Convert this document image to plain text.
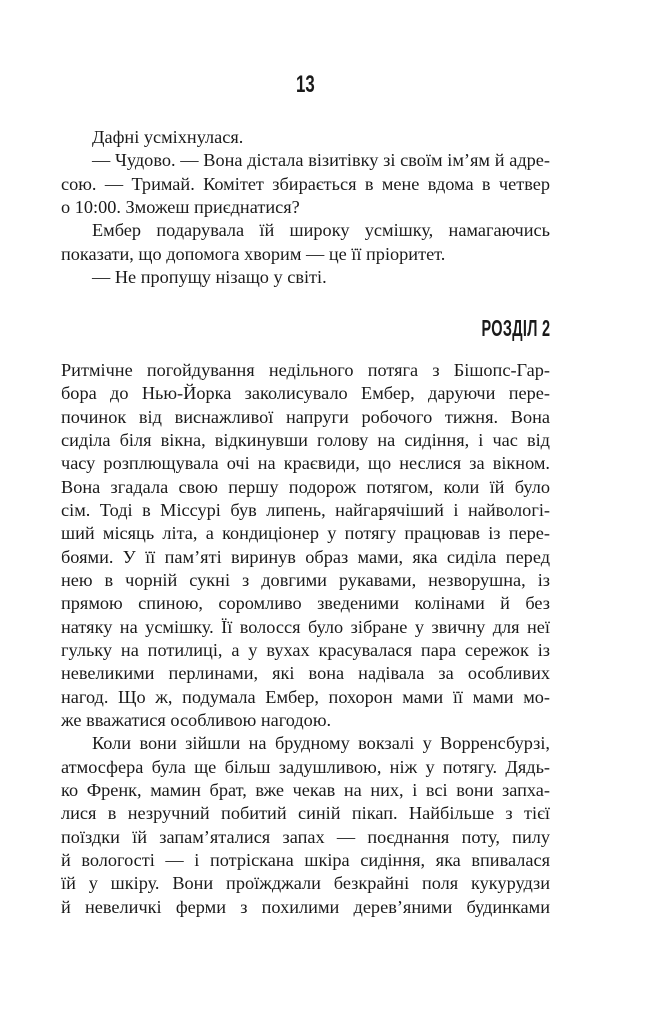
13
Дафні усміхнулася.
— Чудово. — Вона дістала візитівку зі своїм ім’ям й адре-
сою. — Тримай. Комітет збирається в мене вдома в четвер
о 10:00. Зможеш приєднатися?
Ембер подарувала їй широку усмішку, намагаючись
показати, що допомога хворим — це її пріоритет.
— Не пропущу нізащо у світі.
РОЗДІЛ 2
Ритмічне погойдування недільного потяга з Бішопс-Гар-
бора до Нью-Йорка заколисувало Ембер, даруючи пере-
починок від виснажливої напруги робочого тижня. Вона
сиділа біля вікна, відкинувши голову на сидіння, і час від
часу розплющувала очі на краєвиди, що неслися за вікном.
Вона згадала свою першу подорож потягом, коли їй було
сім. Тоді в Міссурі був липень, найгарячіший і найвологі-
ший місяць літа, а кондиціонер у потягу працював із пере-
боями. У її пам’яті виринув образ мами, яка сиділа перед
нею в чорній сукні з довгими рукавами, незворушна, із
прямою спиною, соромливо зведеними колінами й без
натяку на усмішку. Її волосся було зібране у звичну для неї
гульку на потилиці, а у вухах красувалася пара сережок із
невеликими перлинами, які вона надівала за особливих
нагод. Що ж, подумала Ембер, похорон мами її мами мо-
же вважатися особливою нагодою.
Коли вони зійшли на брудному вокзалі у Ворренсбурзі,
атмосфера була ще більш задушливою, ніж у потягу. Дядь-
ко Френк, мамин брат, вже чекав на них, і всі вони запха-
лися в незручний побитий синій пікап. Найбільше з тієї
поїздки їй запам’яталися запах — поєднання поту, пилу
й вологості — і потріскана шкіра сидіння, яка впивалася
їй у шкіру. Вони проїжджали безкрайні поля кукурудзи
й невеличкі ферми з похилими дерев’яними будинками
